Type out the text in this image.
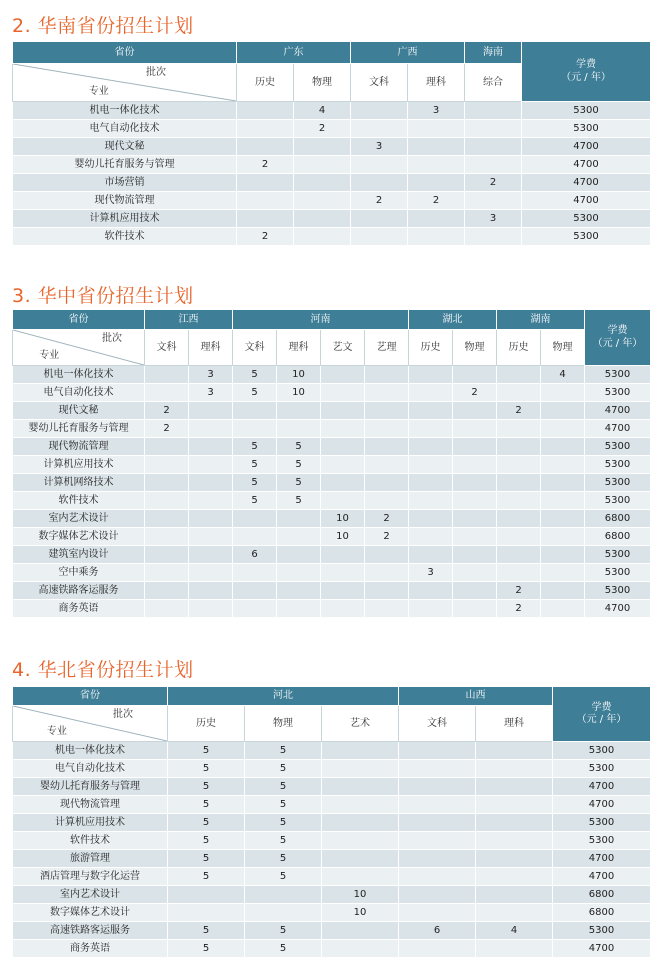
2. 华南省份招生计划
省份	广东		广西		海南	学费
（元 / 年）

批次
专业	历史	物理	文科	理科	综合	
机电一体化技术		4		3		5300
电气自动化技术		2				5300
现代文秘			3			4700
婴幼儿托育服务与管理	2					4700
市场营销					2	4700
现代物流管理			2	2		4700
计算机应用技术					3	5300
软件技术	2					5300
3. 华中省份招生计划
省份	江西		河南				湖北		湖南		学费
（元 / 年）

批次
专业	文科	理科	文科	理科	艺文	艺理	历史	物理	历史	物理	
机电一体化技术		3	5	10						4	5300
电气自动化技术		3	5	10				2			5300
现代文秘	2								2		4700
婴幼儿托育服务与管理	2										4700
现代物流管理			5	5							5300
计算机应用技术			5	5							5300
计算机网络技术			5	5							5300
软件技术			5	5							5300
室内艺术设计					10	2					6800
数字媒体艺术设计					10	2					6800
建筑室内设计			6								5300
空中乘务							3				5300
高速铁路客运服务									2		5300
商务英语									2		4700
4. 华北省份招生计划
省份	河北			山西		学费
（元 / 年）

批次
专业	历史	物理	艺术	文科	理科	
机电一体化技术	5	5				5300
电气自动化技术	5	5				5300
婴幼儿托育服务与管理	5	5				4700
现代物流管理	5	5				4700
计算机应用技术	5	5				5300
软件技术	5	5				5300
旅游管理	5	5				4700
酒店管理与数字化运营	5	5				4700
室内艺术设计			10			6800
数字媒体艺术设计			10			6800
高速铁路客运服务	5	5		6	4	5300
商务英语	5	5				4700
